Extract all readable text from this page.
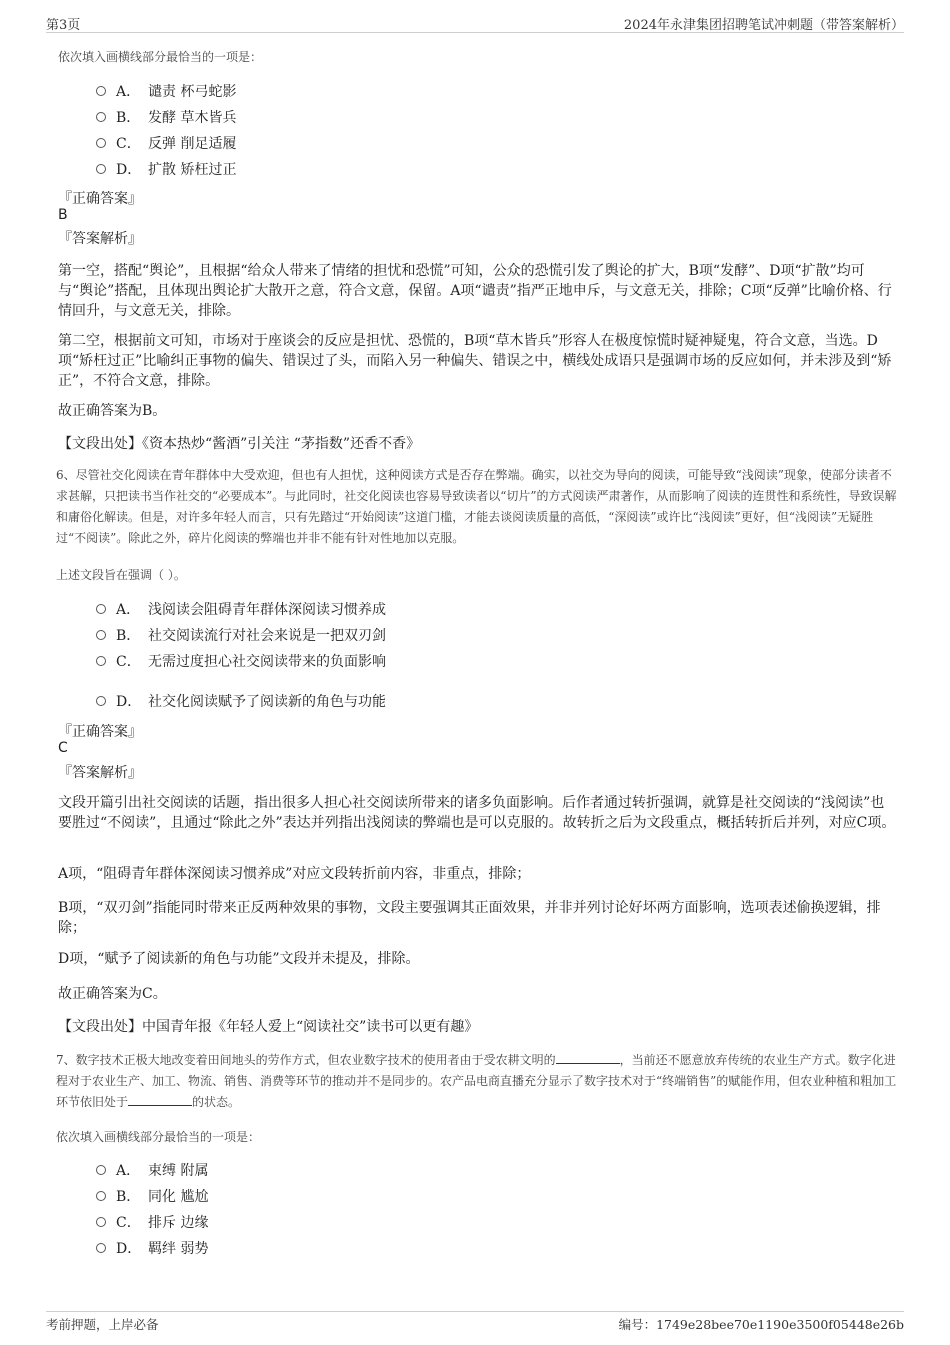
第3页	2024年永津集团招聘笔试冲刺题（带答案解析）
依次填入画横线部分最恰当的一项是：
A． 谴责 杯弓蛇影
B． 发酵 草木皆兵
C． 反弹 削足适履
D． 扩散 矫枉过正
『正确答案』
B
『答案解析』
第一空，搭配“舆论”，且根据“给众人带来了情绪的担忧和恐慌”可知，公众的恐慌引发了舆论的扩大，B项“发酵”、D项“扩散”均可与“舆论”搭配，且体现出舆论扩大散开之意，符合文意，保留。A项“谴责”指严正地申斥，与文意无关，排除；C项“反弹”比喻价格、行情回升，与文意无关，排除。
第二空，根据前文可知，市场对于座谈会的反应是担忧、恐慌的，B项“草木皆兵”形容人在极度惊慌时疑神疑鬼，符合文意，当选。D项“矫枉过正”比喻纠正事物的偏失、错误过了头，而陷入另一种偏失、错误之中，横线处成语只是强调市场的反应如何，并未涉及到“矫正”，不符合文意，排除。
故正确答案为B。
【文段出处】《资本热炒“酱酒”引关注 “茅指数”还香不香》
6、尽管社交化阅读在青年群体中大受欢迎，但也有人担忧，这种阅读方式是否存在弊端。确实，以社交为导向的阅读，可能导致“浅阅读”现象，使部分读者不求甚解，只把读书当作社交的“必要成本”。与此同时，社交化阅读也容易导致读者以“切片”的方式阅读严肃著作，从而影响了阅读的连贯性和系统性，导致误解和庸俗化解读。但是，对许多年轻人而言，只有先踏过“开始阅读”这道门槛，才能去谈阅读质量的高低，“深阅读”或许比“浅阅读”更好，但“浅阅读”无疑胜过“不阅读”。除此之外，碎片化阅读的弊端也并非不能有针对性地加以克服。
上述文段旨在强调（ ）。
A． 浅阅读会阻碍青年群体深阅读习惯养成
B． 社交阅读流行对社会来说是一把双刃剑
C． 无需过度担心社交阅读带来的负面影响
D． 社交化阅读赋予了阅读新的角色与功能
『正确答案』
C
『答案解析』
文段开篇引出社交阅读的话题，指出很多人担心社交阅读所带来的诸多负面影响。后作者通过转折强调，就算是社交阅读的“浅阅读”也要胜过“不阅读”，且通过“除此之外”表达并列指出浅阅读的弊端也是可以克服的。故转折之后为文段重点，概括转折后并列，对应C项。
A项，“阻碍青年群体深阅读习惯养成”对应文段转折前内容，非重点，排除；
B项，“双刃剑”指能同时带来正反两种效果的事物，文段主要强调其正面效果，并非并列讨论好坏两方面影响，选项表述偷换逻辑，排除；
D项，“赋予了阅读新的角色与功能”文段并未提及，排除。
故正确答案为C。
【文段出处】中国青年报《年轻人爱上“阅读社交”读书可以更有趣》
7、数字技术正极大地改变着田间地头的劳作方式，但农业数字技术的使用者由于受农耕文明的	，当前还不愿意放弃传统的农业生产方式。数字化进程对于农业生产、加工、物流、销售、消费等环节的推动并不是同步的。农产品电商直播充分显示了数字技术对于“终端销售”的赋能作用，但农业种植和粗加工环节依旧处于	的状态。
依次填入画横线部分最恰当的一项是：
A． 束缚 附属
B． 同化 尴尬
C． 排斥 边缘
D． 羁绊 弱势
考前押题，上岸必备	编号：1749e28bee70e1190e3500f05448e26b
